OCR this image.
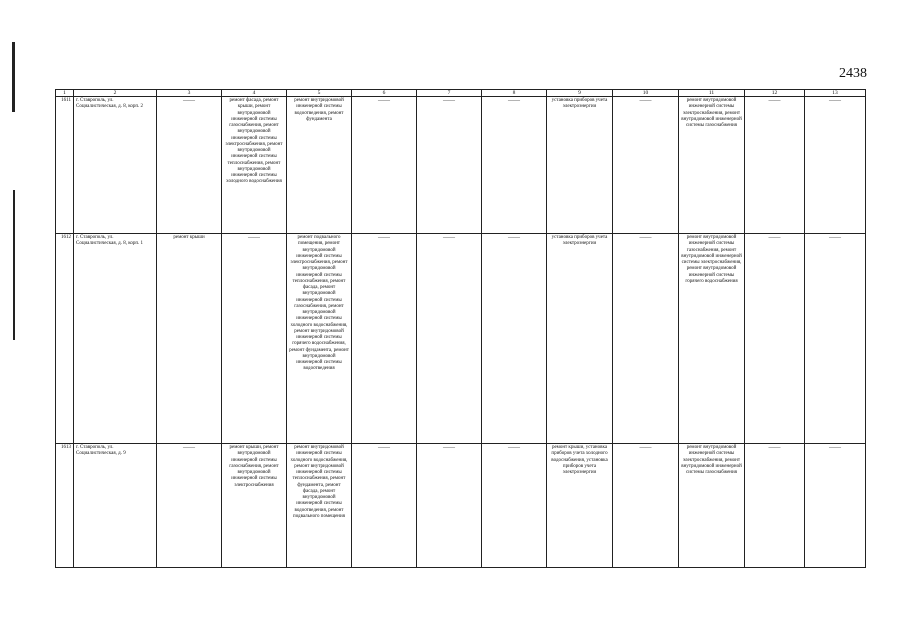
2438
1	2	3	4	5	6	7	8	9	10	11	12	13
1611	г. Ставрополь, ул. Социалистическая, д. 8, корп. 2	——	ремонт фасада, ремонт крыши, ремонт внутридомовой инженерной системы газоснабжения, ремонт внутридомовой инженерной системы электроснабжения, ремонт внутридомовой инженерной системы теплоснабжения, ремонт внутридомовой инженерной системы холодного водоснабжения	ремонт внутридомовой инженерной системы водоотведения, ремонт фундамента	——	——	——	установка приборов учета электроэнергии	——	ремонт внутридомовой инженерной системы электроснабжения, ремонт внутридомовой инженерной системы газоснабжения	——	——

1612	г. Ставрополь, ул. Социалистическая, д. 8, корп. 1	ремонт крыши	——	ремонт подвального помещения, ремонт внутридомовой инженерной системы электроснабжения, ремонт внутридомовой инженерной системы теплоснабжения, ремонт фасада, ремонт внутридомовой инженерной системы газоснабжения, ремонт внутридомовой инженерной системы холодного водоснабжения, ремонт внутридомовой инженерной системы горячего водоснабжения, ремонт фундамента, ремонт внутридомовой инженерной системы водоотведения	——	——	——	установка приборов учета электроэнергии	——	ремонт внутридомовой инженерной системы газоснабжения, ремонт внутридомовой инженерной системы электроснабжения, ремонт внутридомовой инженерной системы горячего водоснабжения	——	——

1613	г. Ставрополь, ул. Социалистическая, д. 9	——	ремонт крыши, ремонт внутридомовой инженерной системы газоснабжения, ремонт внутридомовой инженерной системы электроснабжения	ремонт внутридомовой инженерной системы холодного водоснабжения, ремонт внутридомовой инженерной системы теплоснабжения, ремонт фундамента, ремонт фасада, ремонт внутридомовой инженерной системы водоотведения, ремонт подвального помещения	——	——	——	ремонт крыши, установка приборов учета холодного водоснабжения, установка приборов учета электроэнергии	——	ремонт внутридомовой инженерной системы электроснабжения, ремонт внутридомовой инженерной системы газоснабжения	——	——
